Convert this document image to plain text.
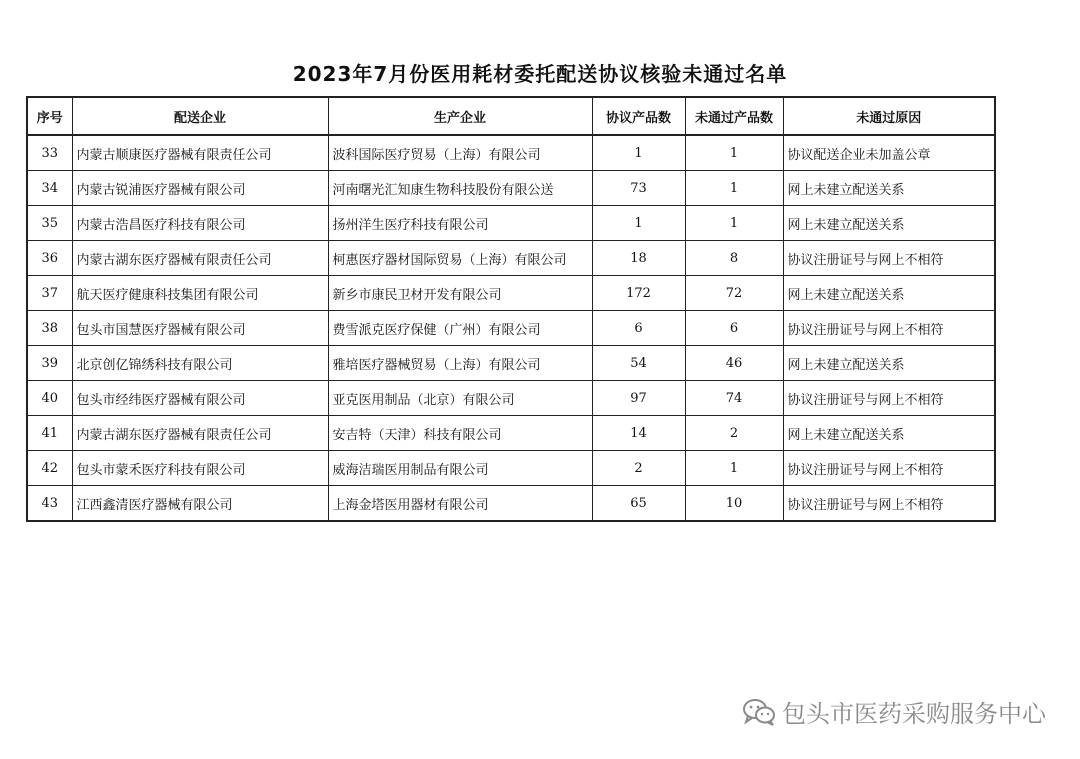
2023年7月份医用耗材委托配送协议核验未通过名单
序号	配送企业	生产企业	协议产品数	未通过产品数	未通过原因
33	内蒙古顺康医疗器械有限责任公司	波科国际医疗贸易（上海）有限公司	1	1	协议配送企业未加盖公章
34	内蒙古锐浦医疗器械有限公司	河南曙光汇知康生物科技股份有限公送	73	1	网上未建立配送关系
35	内蒙古浩昌医疗科技有限公司	扬州洋生医疗科技有限公司	1	1	网上未建立配送关系
36	内蒙古湖东医疗器械有限责任公司	柯惠医疗器材国际贸易（上海）有限公司	18	8	协议注册证号与网上不相符
37	航天医疗健康科技集团有限公司	新乡市康民卫材开发有限公司	172	72	网上未建立配送关系
38	包头市国慧医疗器械有限公司	费雪派克医疗保健（广州）有限公司	6	6	协议注册证号与网上不相符
39	北京创亿锦绣科技有限公司	雅培医疗器械贸易（上海）有限公司	54	46	网上未建立配送关系
40	包头市经纬医疗器械有限公司	亚克医用制品（北京）有限公司	97	74	协议注册证号与网上不相符
41	内蒙古湖东医疗器械有限责任公司	安吉特（天津）科技有限公司	14	2	网上未建立配送关系
42	包头市蒙禾医疗科技有限公司	威海洁瑞医用制品有限公司	2	1	协议注册证号与网上不相符
43	江西鑫清医疗器械有限公司	上海金塔医用器材有限公司	65	10	协议注册证号与网上不相符
包头市医药采购服务中心
